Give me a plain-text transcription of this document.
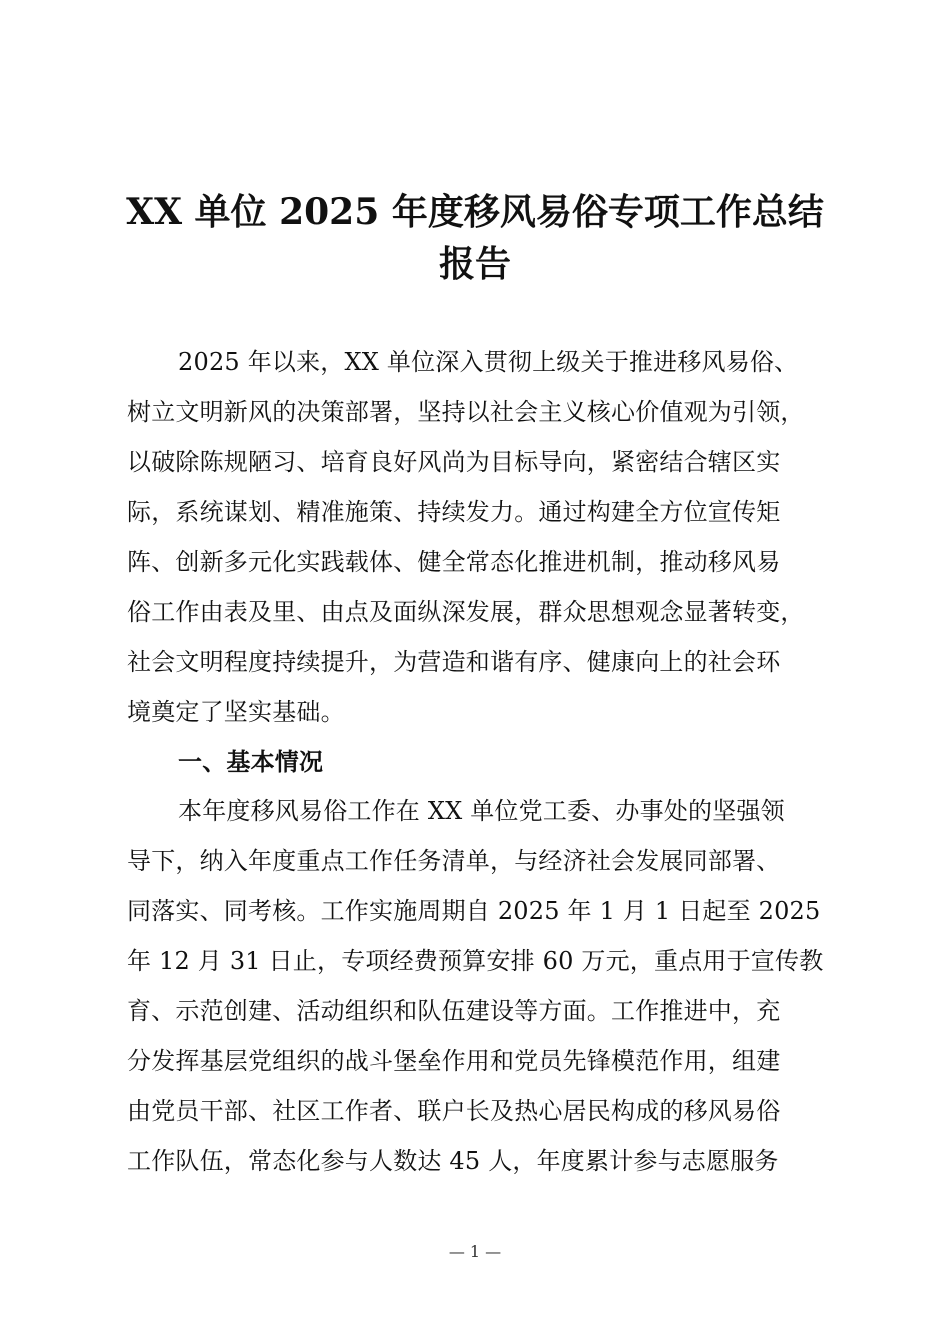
XX 单位 2025 年度移风易俗专项工作总结
报告
2025 年以来，XX 单位深入贯彻上级关于推进移风易俗、
树立文明新风的决策部署，坚持以社会主义核心价值观为引领，
以破除陈规陋习、培育良好风尚为目标导向，紧密结合辖区实
际，系统谋划、精准施策、持续发力。通过构建全方位宣传矩
阵、创新多元化实践载体、健全常态化推进机制，推动移风易
俗工作由表及里、由点及面纵深发展，群众思想观念显著转变，
社会文明程度持续提升，为营造和谐有序、健康向上的社会环
境奠定了坚实基础。
一、基本情况
本年度移风易俗工作在 XX 单位党工委、办事处的坚强领
导下，纳入年度重点工作任务清单，与经济社会发展同部署、
同落实、同考核。工作实施周期自 2025 年 1 月 1 日起至 2025
年 12 月 31 日止，专项经费预算安排 60 万元，重点用于宣传教
育、示范创建、活动组织和队伍建设等方面。工作推进中，充
分发挥基层党组织的战斗堡垒作用和党员先锋模范作用，组建
由党员干部、社区工作者、联户长及热心居民构成的移风易俗
工作队伍，常态化参与人数达 45 人，年度累计参与志愿服务
— 1 —
